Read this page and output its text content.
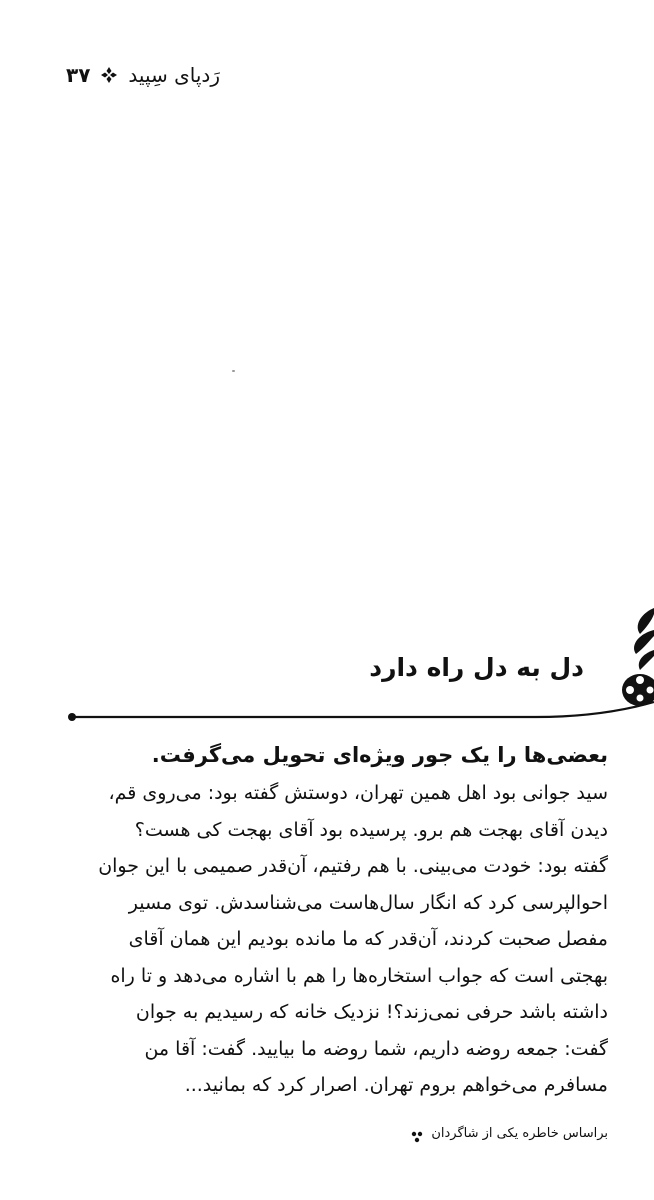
۳۷ رَدپای سِپید
دل به دل راه دارد
بعضی‌ها را یک جور ویژه‌ای تحویل می‌گرفت.
سید جوانی بود اهل همین تهران، دوستش گفته بود: می‌روی قم،
دیدن آقای بهجت هم برو. پرسیده بود آقای بهجت کی هست؟
گفته بود: خودت می‌بینی. با هم رفتیم، آن‌قدر صمیمی با این جوان
احوالپرسی کرد که انگار سال‌هاست می‌شناسدش. توی مسیر
مفصل صحبت کردند، آن‌قدر که ما مانده بودیم این همان آقای
بهجتی است که جواب استخاره‌ها را هم با اشاره می‌دهد و تا راه
داشته باشد حرفی نمی‌زند؟! نزدیک خانه که رسیدیم به جوان
گفت: جمعه روضه داریم، شما روضه ما بیایید. گفت: آقا من
مسافرم می‌خواهم بروم تهران. اصرار کرد که بمانید...
براساس خاطره یکی از شاگردان
